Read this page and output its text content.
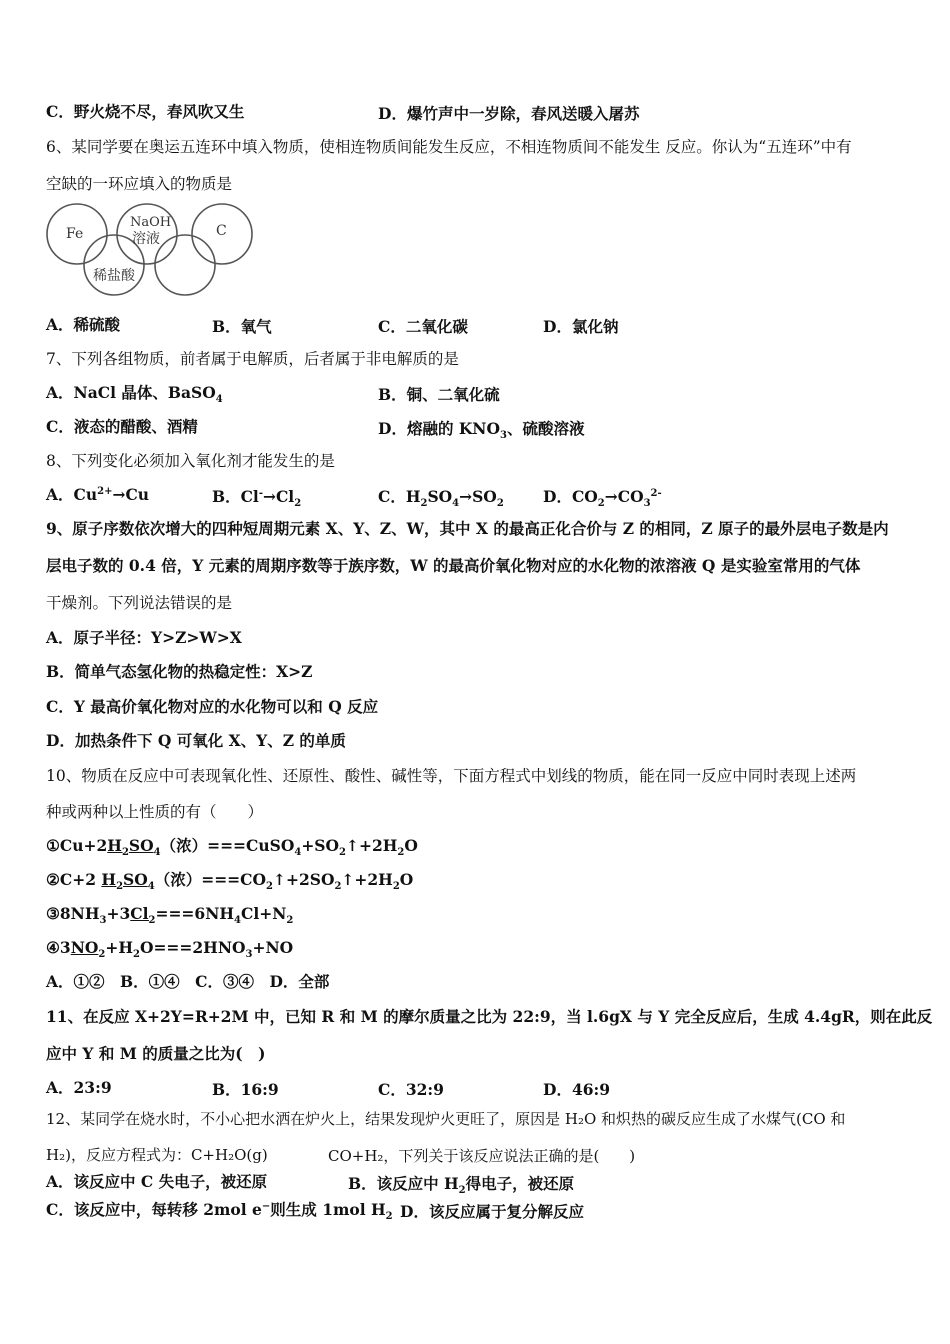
C．野火烧不尽，春风吹又生	D．爆竹声中一岁除，春风送暖入屠苏
6、某同学要在奥运五连环中填入物质，使相连物质间能发生反应，不相连物质间不能发生 反应。你认为“五连环”中有
空缺的一环应填入的物质是
Fe
NaOH
溶液	C
稀盐酸
A．稀硫酸	B．氧气	C．二氧化碳	D．氯化钠
7、下列各组物质，前者属于电解质，后者属于非电解质的是
A．NaCl 晶体、BaSO$_4$	B．铜、二氧化硫
C．液态的醋酸、酒精	D．熔融的 $KNO_3$、硫酸溶液
8、下列变化必须加入氧化剂才能发生的是
A．$Cu^{2+}\to Cu$	B．$Cl^-\to Cl_2$	C．$H_2SO_4\to SO_2$	D．$CO_2\to CO_3^{2-}$
9、原子序数依次增大的四种短周期元素 X、Y、Z、W，其中 X 的最高正化合价与 Z 的相同，Z 原子的最外层电子数是内
层电子数的 0.4 倍，Y 元素的周期序数等于族序数，W 的最高价氧化物对应的水化物的浓溶液 Q 是实验室常用的气体
干燥剂。下列说法错误的是
A．原子半径：Y>Z>W>X
B．简单气态氢化物的热稳定性：X>Z
C．Y 最高价氧化物对应的水化物可以和 Q 反应
D．加热条件下 Q 可氧化 X、Y、Z 的单质
10、物质在反应中可表现氧化性、还原性、酸性、碱性等，下面方程式中划线的物质，能在同一反应中同时表现上述两
种或两种以上性质的有（　　）
$①Cu+2H_2SO_4$（浓）$===CuSO_4+SO_2↑+2H_2O$
②C+2 $H_2SO_4$（浓）$===CO_2↑+2SO_2↑+2H_2O$
$③8NH_3+3Cl_2===6NH_4Cl+N_2$
$④3NO_2+H_2O===2HNO_3+NO$
A．①②　B．①④　C．③④　D．全部
11、在反应 X+2Y=R+2M 中，已知 R 和 M 的摩尔质量之比为 22:9，当 l.6gX 与 Y 完全反应后，生成 4.4gR，则在此反
应中 Y 和 M 的质量之比为(　)
A．23:9	B．16:9	C．32:9	D．46:9
12、某同学在烧水时，不小心把水洒在炉火上，结果发现炉火更旺了，原因是 H₂O 和炽热的碳反应生成了水煤气(CO 和
H₂)，反应方程式为：C+H₂O(g)	CO+H₂，下列关于该反应说法正确的是(　　)
A．该反应中 C 失电子，被还原	B．该反应中 $H_2$得电子，被还原
C．该反应中，每转移 2mol e−则生成 1mol $H_2$ D．该反应属于复分解反应
